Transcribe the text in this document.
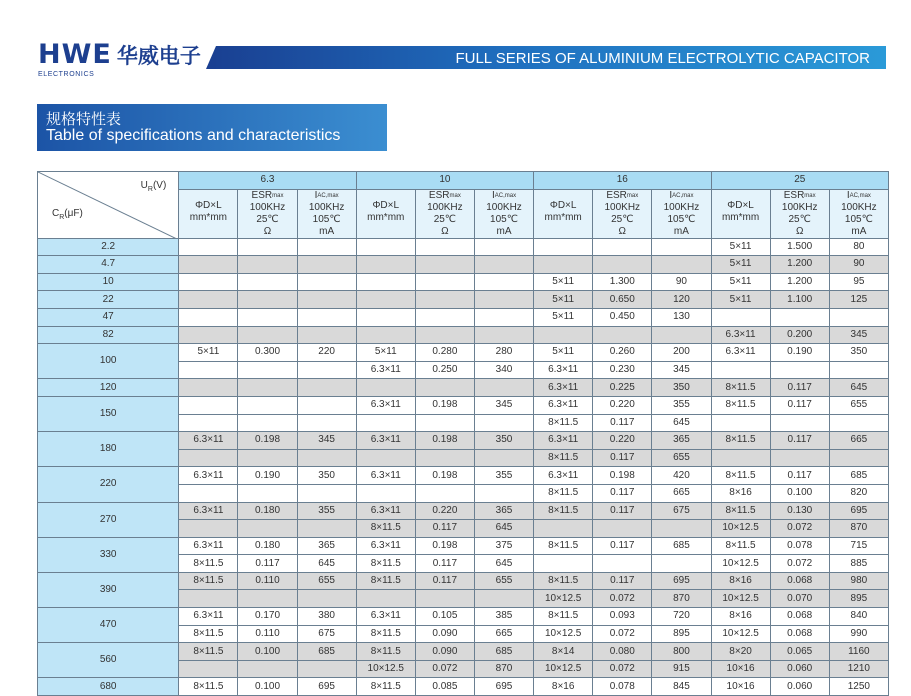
HWE 华威电子
ELECTRONICS
FULL SERIES OF ALUMINIUM ELECTROLYTIC CAPACITOR
规格特性表
Table of specifications and characteristics
$U_R(V)$
$C_R(\mu F)$	6.3			10			16			25		
	ΦD×L
mm*mm	$ESR^{max}$
100KHz
25℃
Ω	$I^{AC,max}$
100KHz
105℃
mA	ΦD×L
mm*mm	$ESR^{max}$
100KHz
25℃
Ω	$I^{AC,max}$
100KHz
105℃
mA	ΦD×L
mm*mm	$ESR^{max}$
100KHz
25℃
Ω	$I^{AC,max}$
100KHz
105℃
mA	ΦD×L
mm*mm	$ESR^{max}$
100KHz
25℃
Ω	$I^{AC,max}$
100KHz
105℃
mA
2.2										5×11	1.500	80
4.7										5×11	1.200	90
10							5×11	1.300	90	5×11	1.200	95
22							5×11	0.650	120	5×11	1.100	125
47							5×11	0.450	130			
82										6.3×11	0.200	345
100	5×11	0.300	220	5×11	0.280	280	5×11	0.260	200	6.3×11	0.190	350
				6.3×11	0.250	340	6.3×11	0.230	345			
120							6.3×11	0.225	350	8×11.5	0.117	645
150				6.3×11	0.198	345	6.3×11	0.220	355	8×11.5	0.117	655
							8×11.5	0.117	645			
180	6.3×11	0.198	345	6.3×11	0.198	350	6.3×11	0.220	365	8×11.5	0.117	665
							8×11.5	0.117	655			
220	6.3×11	0.190	350	6.3×11	0.198	355	6.3×11	0.198	420	8×11.5	0.117	685
							8×11.5	0.117	665	8×16	0.100	820
270	6.3×11	0.180	355	6.3×11	0.220	365	8×11.5	0.117	675	8×11.5	0.130	695
				8×11.5	0.117	645				10×12.5	0.072	870
330	6.3×11	0.180	365	6.3×11	0.198	375	8×11.5	0.117	685	8×11.5	0.078	715
	8×11.5	0.117	645	8×11.5	0.117	645				10×12.5	0.072	885
390	8×11.5	0.110	655	8×11.5	0.117	655	8×11.5	0.117	695	8×16	0.068	980
							10×12.5	0.072	870	10×12.5	0.070	895
470	6.3×11	0.170	380	6.3×11	0.105	385	8×11.5	0.093	720	8×16	0.068	840
	8×11.5	0.110	675	8×11.5	0.090	665	10×12.5	0.072	895	10×12.5	0.068	990
560	8×11.5	0.100	685	8×11.5	0.090	685	8×14	0.080	800	8×20	0.065	1160
				10×12.5	0.072	870	10×12.5	0.072	915	10×16	0.060	1210
680	8×11.5	0.100	695	8×11.5	0.085	695	8×16	0.078	845	10×16	0.060	1250
